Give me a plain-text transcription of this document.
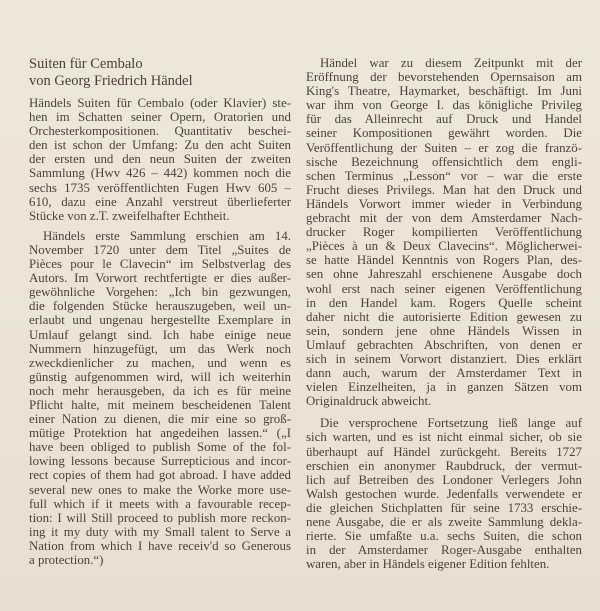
Suiten für Cembalo
von Georg Friedrich Händel
Händels Suiten für Cembalo (oder Klavier) ste-
hen im Schatten seiner Opern, Oratorien und
Orchesterkompositionen. Quantitativ beschei-
den ist schon der Umfang: Zu den acht Suiten
der ersten und den neun Suiten der zweiten
Sammlung (Hwv 426 – 442) kommen noch die
sechs 1735 veröffentlichten Fugen Hwv 605 –
610, dazu eine Anzahl verstreut überlieferter
Stücke von z.T. zweifelhafter Echtheit.
Händels erste Sammlung erschien am 14.
November 1720 unter dem Titel „Suites de
Pièces pour le Clavecin“ im Selbstverlag des
Autors. Im Vorwort rechtfertigte er dies außer-
gewöhnliche Vorgehen: „Ich bin gezwungen,
die folgenden Stücke herauszugeben, weil un-
erlaubt und ungenau hergestellte Exemplare in
Umlauf gelangt sind. Ich habe einige neue
Nummern hinzugefügt, um das Werk noch
zweckdienlicher zu machen, und wenn es
günstig aufgenommen wird, will ich weiterhin
noch mehr herausgeben, da ich es für meine
Pflicht halte, mit meinem bescheidenen Talent
einer Nation zu dienen, die mir eine so groß-
mütige Protektion hat angedeihen lassen.“ („I
have been obliged to publish Some of the fol-
lowing lessons because Surrepticious and incor-
rect copies of them had got abroad. I have added
several new ones to make the Worke more use-
full which if it meets with a favourable recep-
tion: I will Still proceed to publish more reckon-
ing it my duty with my Small talent to Serve a
Nation from which I have receiv'd so Generous
a protection.“)
Händel war zu diesem Zeitpunkt mit der
Eröffnung der bevorstehenden Opernsaison am
King's Theatre, Haymarket, beschäftigt. Im Juni
war ihm von George I. das königliche Privileg
für das Alleinrecht auf Druck und Handel
seiner Kompositionen gewährt worden. Die
Veröffentlichung der Suiten – er zog die franzö-
sische Bezeichnung offensichtlich dem engli-
schen Terminus „Lesson“ vor – war die erste
Frucht dieses Privilegs. Man hat den Druck und
Händels Vorwort immer wieder in Verbindung
gebracht mit der von dem Amsterdamer Nach-
drucker Roger kompilierten Veröffentlichung
„Pièces à un & Deux Clavecins“. Möglicherwei-
se hatte Händel Kenntnis von Rogers Plan, des-
sen ohne Jahreszahl erschienene Ausgabe doch
wohl erst nach seiner eigenen Veröffentlichung
in den Handel kam. Rogers Quelle scheint
daher nicht die autorisierte Edition gewesen zu
sein, sondern jene ohne Händels Wissen in
Umlauf gebrachten Abschriften, von denen er
sich in seinem Vorwort distanziert. Dies erklärt
dann auch, warum der Amsterdamer Text in
vielen Einzelheiten, ja in ganzen Sätzen vom
Originaldruck abweicht.
Die versprochene Fortsetzung ließ lange auf
sich warten, und es ist nicht einmal sicher, ob sie
überhaupt auf Händel zurückgeht. Bereits 1727
erschien ein anonymer Raubdruck, der vermut-
lich auf Betreiben des Londoner Verlegers John
Walsh gestochen wurde. Jedenfalls verwendete er
die gleichen Stichplatten für seine 1733 erschie-
nene Ausgabe, die er als zweite Sammlung dekla-
rierte. Sie umfaßte u.a. sechs Suiten, die schon
in der Amsterdamer Roger-Ausgabe enthalten
waren, aber in Händels eigener Edition fehlten.
